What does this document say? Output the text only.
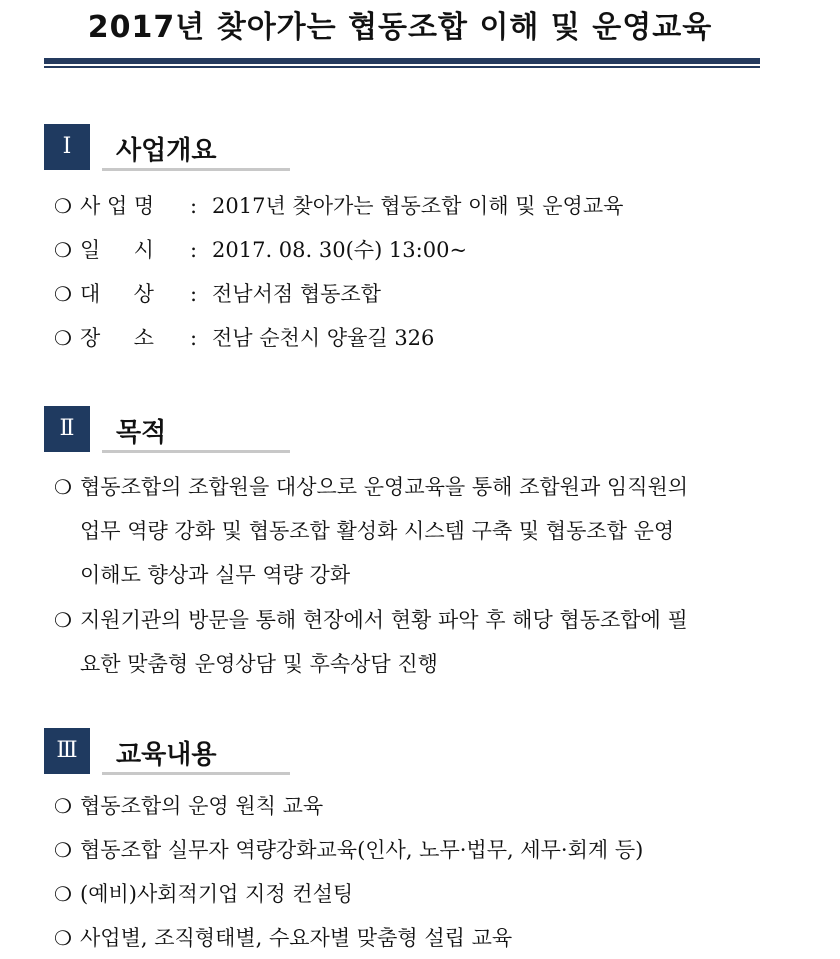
2017년 찾아가는 협동조합 이해 및 운영교육
Ⅰ	사업개요
❍ 사 업 명 : 2017년 찾아가는 협동조합 이해 및 운영교육
❍ 일     시 : 2017. 08. 30(수) 13:00~
❍ 대     상 : 전남서점 협동조합
❍ 장     소 : 전남 순천시 양율길 326
Ⅱ	목적
❍ 협동조합의 조합원을 대상으로 운영교육을 통해 조합원과 임직원의
업무 역량 강화 및 협동조합 활성화 시스템 구축 및 협동조합 운영
이해도 향상과 실무 역량 강화
❍ 지원기관의 방문을 통해 현장에서 현황 파악 후 해당 협동조합에 필
요한 맞춤형 운영상담 및 후속상담 진행
Ⅲ	교육내용
❍ 협동조합의 운영 원칙 교육
❍ 협동조합 실무자 역량강화교육(인사, 노무·법무, 세무·회계 등)
❍ (예비)사회적기업 지정 컨설팅
❍ 사업별, 조직형태별, 수요자별 맞춤형 설립 교육
